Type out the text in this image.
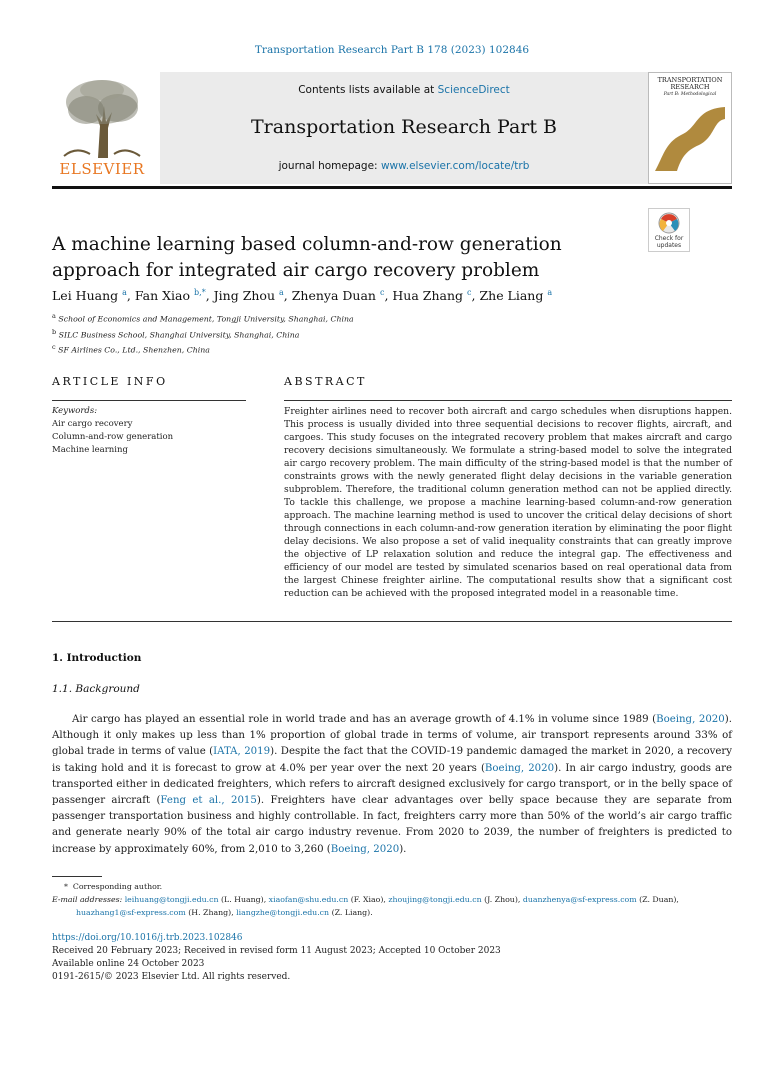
Transportation Research Part B 178 (2023) 102846
ELSEVIER
Contents lists available at ScienceDirect
Transportation Research Part B
journal homepage: www.elsevier.com/locate/trb
TRANSPORTATION
RESEARCH
Part B: Methodological
Check for
updates
A machine learning based column-and-row generation approach for integrated air cargo recovery problem
Lei Huang $^a$, Fan Xiao $^{b,*}$, Jing Zhou $^a$, Zhenya Duan $^c$, Hua Zhang $^c$, Zhe Liang $^a$
$^a$ School of Economics and Management, Tongji University, Shanghai, China
$^b$ SILC Business School, Shanghai University, Shanghai, China
$^c$ SF Airlines Co., Ltd., Shenzhen, China
ARTICLE INFO	ABSTRACT
Keywords:
Air cargo recovery
Column-and-row generation
Machine learning
Freighter airlines need to recover both aircraft and cargo schedules when disruptions happen. This process is usually divided into three sequential decisions to recover flights, aircraft, and cargoes. This study focuses on the integrated recovery problem that makes aircraft and cargo recovery decisions simultaneously. We formulate a string-based model to solve the integrated air cargo recovery problem. The main difficulty of the string-based model is that the number of constraints grows with the newly generated flight delay decisions in the variable generation subproblem. Therefore, the traditional column generation method can not be applied directly. To tackle this challenge, we propose a machine learning-based column-and-row generation approach. The machine learning method is used to uncover the critical delay decisions of short through connections in each column-and-row generation iteration by eliminating the poor flight delay decisions. We also propose a set of valid inequality constraints that can greatly improve the objective of LP relaxation solution and reduce the integral gap. The effectiveness and efficiency of our model are tested by simulated scenarios based on real operational data from the largest Chinese freighter airline. The computational results show that a significant cost reduction can be achieved with the proposed integrated model in a reasonable time.
1. Introduction
1.1. Background
Air cargo has played an essential role in world trade and has an average growth of 4.1% in volume since 1989 (Boeing, 2020). Although it only makes up less than 1% proportion of global trade in terms of volume, air transport represents around 33% of global trade in terms of value (IATA, 2019). Despite the fact that the COVID-19 pandemic damaged the market in 2020, a recovery is taking hold and it is forecast to grow at 4.0% per year over the next 20 years (Boeing, 2020). In air cargo industry, goods are transported either in dedicated freighters, which refers to aircraft designed exclusively for cargo transport, or in the belly space of passenger aircraft (Feng et al., 2015). Freighters have clear advantages over belly space because they are separate from passenger transportation business and highly controllable. In fact, freighters carry more than 50% of the world’s air cargo traffic and generate nearly 90% of the total air cargo industry revenue. From 2020 to 2039, the number of freighters is predicted to increase by approximately 60%, from 2,010 to 3,260 (Boeing, 2020).
* Corresponding author.
E-mail addresses: leihuang@tongji.edu.cn (L. Huang), xiaofan@shu.edu.cn (F. Xiao), zhoujing@tongji.edu.cn (J. Zhou), duanzhenya@sf-express.com (Z. Duan), huazhang1@sf-express.com (H. Zhang), liangzhe@tongji.edu.cn (Z. Liang).
https://doi.org/10.1016/j.trb.2023.102846
Received 20 February 2023; Received in revised form 11 August 2023; Accepted 10 October 2023
Available online 24 October 2023
0191-2615/© 2023 Elsevier Ltd. All rights reserved.
